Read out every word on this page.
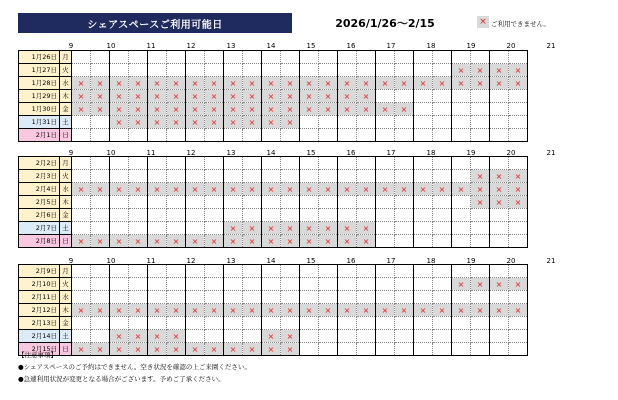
シェアスペースご利用可能日	2026/1/26～2/15	× ご利用できません。
9	10	11	12	13	14	15	16	17	18	19	20	21
1月26日	月																								
1月27日	火																					×	×	×	×
1月28日	水	×	×	×	×	×	×	×	×	×	×	×	×	×	×	×	×	×	×	×	×	×	×	×	×
1月29日	木	×	×	×	×	×	×	×	×	×	×	×	×	×	×	×	×								
1月30日	金	×	×	×	×	×	×	×	×	×	×	×	×	×	×	×	×	×	×						
1月31日	土			×	×	×	×	×	×	×	×	×	×												
2月1日	日																								
9	10	11	12	13	14	15	16	17	18	19	20	21
2月2日	月																								
2月3日	火																						×	×	×
2月4日	水	×	×	×	×	×	×	×	×	×	×	×	×	×	×	×	×	×	×	×	×	×	×	×	×
2月5日	木																						×	×	×
2月6日	金																								
2月7日	土									×	×	×	×	×	×	×	×								
2月8日	日	×	×	×	×	×	×	×	×	×	×	×	×	×	×	×	×								
9	10	11	12	13	14	15	16	17	18	19	20	21
2月9日	月																								
2月10日	火																					×	×	×	×
2月11日	水																								
2月12日	木	×	×	×	×	×	×	×	×	×	×	×	×	×	×	×	×	×	×	×	×	×	×	×	×
2月13日	金																								
2月14日	土			×	×	×	×					×	×												
2月15日	日	×	×	×	×	×	×	×	×	×	×	×	×												
【注意事項】
●シェアスペースのご予約はできません。空き状況を確認の上ご来園ください。
●急遽利用状況が変更となる場合がございます。予めご了承ください。
